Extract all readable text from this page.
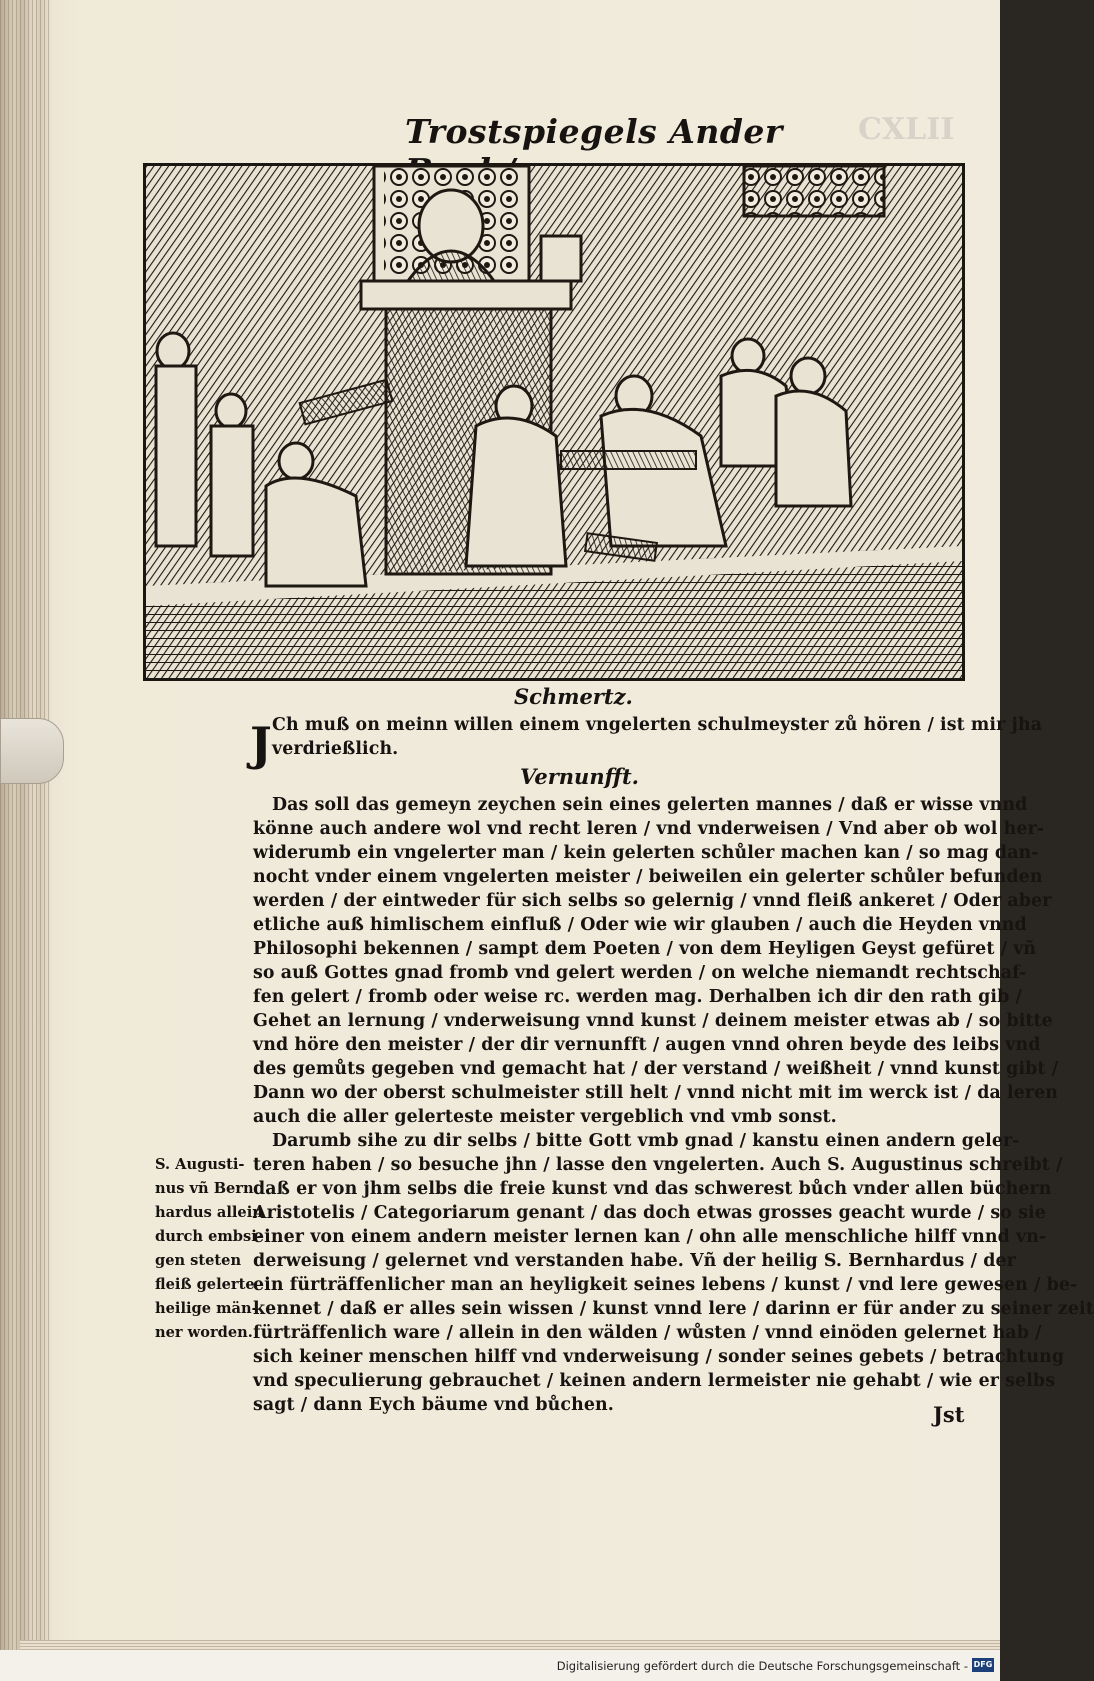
CXLII
Trostspiegels Ander
Schmertz.
J Ch muß on meinn willen einem vngelerten schulmeyster zů hören / ist mir jha
verdrießlich.
Vernunfft.
Das soll das gemeyn zeychen sein eines gelerten mannes / daß er wisse vnnd
könne auch andere wol vnd recht leren / vnd vnderweisen / Vnd aber ob wol her-
widerumb ein vngelerter man / kein gelerten schůler machen kan / so mag dan-
nocht vnder einem vngelerten meister / beiweilen ein gelerter schůler befunden
werden / der eintweder für sich selbs so gelernig / vnnd fleiß ankeret / Oder aber
etliche auß himlischem einfluß / Oder wie wir glauben / auch die Heyden vnnd
Philosophi bekennen / sampt dem Poeten / von dem Heyligen Geyst gefüret / vñ
so auß Gottes gnad fromb vnd gelert werden / on welche niemandt rechtschaf-
fen gelert / fromb oder weise rc. werden mag. Derhalben ich dir den rath gib /
Gehet an lernung / vnderweisung vnnd kunst / deinem meister etwas ab / so bitte
vnd höre den meister / der dir vernunfft / augen vnnd ohren beyde des leibs vnd
des gemůts gegeben vnd gemacht hat / der verstand / weißheit / vnnd kunst gibt /
Dann wo der oberst schulmeister still helt / vnnd nicht mit im werck ist / da leren
auch die aller gelerteste meister vergeblich vnd vmb sonst.
Darumb sihe zu dir selbs / bitte Gott vmb gnad / kanstu einen andern geler-
teren haben / so besuche jhn / lasse den vngelerten. Auch S. Augustinus schreibt /
daß er von jhm selbs die freie kunst vnd das schwerest bůch vnder allen büchern
Aristotelis / Categoriarum genant / das doch etwas grosses geacht wurde / so sie
einer von einem andern meister lernen kan / ohn alle menschliche hilff vnnd vn-
derweisung / gelernet vnd verstanden habe. Vñ der heilig S. Bernhardus / der
ein fürträffenlicher man an heyligkeit seines lebens / kunst / vnd lere gewesen / be-
kennet / daß er alles sein wissen / kunst vnnd lere / darinn er für ander zu seiner zeit
fürträffenlich ware / allein in den wälden / wůsten / vnnd einöden gelernet hab /
sich keiner menschen hilff vnd vnderweisung / sonder seines gebets / betrachtung
vnd speculierung gebrauchet / keinen andern lermeister nie gehabt / wie er selbs
sagt / dann Eych bäume vnd bůchen.
S. Augusti-
nus vñ Bern
hardus allein
durch embsi-
gen steten
fleiß gelerte
heilige män-
ner worden.
Jst
Digitalisierung gefördert durch die Deutsche Forschungsgemeinschaft - DFG
